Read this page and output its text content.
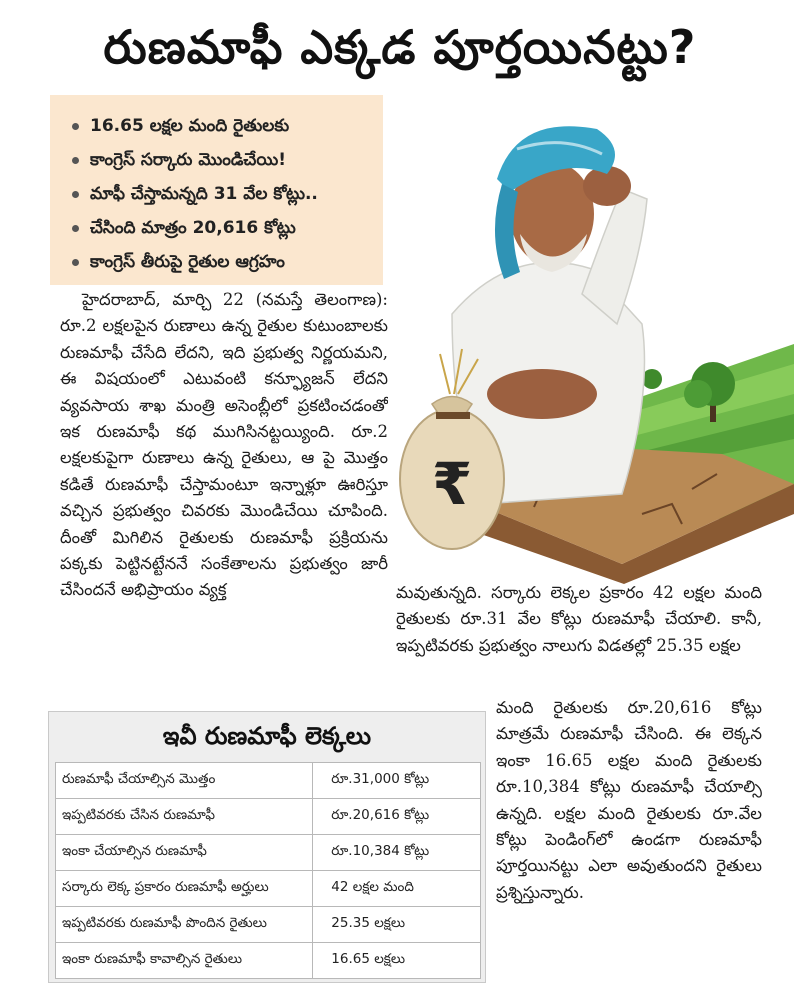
రుణమాఫీ ఎక్కడ పూర్తయినట్టు?
16.65 లక్షల మంది రైతులకు
కాంగ్రెస్ సర్కారు మొండిచేయి!
మాఫీ చేస్తామన్నది 31 వేల కోట్లు..
చేసింది మాత్రం 20,616 కోట్లు
కాంగ్రెస్ తీరుపై రైతుల ఆగ్రహం
₹

హైదరాబాద్, మార్చి 22 (నమస్తే తెలంగాణ): రూ.2 లక్షలపైన రుణాలు ఉన్న రైతుల కుటుంబాలకు రుణమాఫీ చేసేది లేదని, ఇది ప్రభుత్వ నిర్ణయమని, ఈ విషయంలో ఎటువంటి కన్ఫ్యూజన్ లేదని వ్యవసాయ శాఖ మంత్రి అసెంబ్లీలో ప్రకటించడంతో ఇక రుణమాఫీ కథ ముగిసినట్టయ్యింది. రూ.2 లక్షలకుపైగా రుణాలు ఉన్న రైతులు, ఆ పై మొత్తం కడితే రుణమాఫీ చేస్తామంటూ ఇన్నాళ్లూ ఊరిస్తూ వచ్చిన ప్రభుత్వం చివరకు మొండిచేయి చూపింది. దీంతో మిగిలిన రైతులకు రుణమాఫీ ప్రక్రియను పక్కకు పెట్టినట్టేననే సంకేతాలను ప్రభుత్వం జారీ చేసిందనే అభిప్రాయం వ్యక్త	మవుతున్నది. సర్కారు లెక్కల ప్రకారం 42 లక్షల మంది రైతులకు రూ.31 వేల కోట్లు రుణమాఫీ చేయాలి. కానీ, ఇప్పటివరకు ప్రభుత్వం నాలుగు విడతల్లో 25.35 లక్షల

మంది రైతులకు రూ.20,616 కోట్లు మాత్రమే రుణమాఫీ చేసింది. ఈ లెక్కన ఇంకా 16.65 లక్షల మంది రైతులకు రూ.10,384 కోట్లు రుణమాఫీ చేయాల్సి ఉన్నది. లక్షల మంది రైతులకు రూ.వేల కోట్లు పెండింగ్‌లో ఉండగా రుణమాఫీ పూర్తయినట్టు ఎలా అవుతుందని రైతులు ప్రశ్నిస్తున్నారు.

ఇవీ రుణమాఫీ లెక్కలు
రుణమాఫీ చేయాల్సిన మొత్తం	రూ.31,000 కోట్లు
ఇప్పటివరకు చేసిన రుణమాఫీ	రూ.20,616 కోట్లు
ఇంకా చేయాల్సిన రుణమాఫీ	రూ.10,384 కోట్లు
సర్కారు లెక్క ప్రకారం రుణమాఫీ అర్హులు	42 లక్షల మంది
ఇప్పటివరకు రుణమాఫీ పొందిన రైతులు	25.35 లక్షలు
ఇంకా రుణమాఫీ కావాల్సిన రైతులు	16.65 లక్షలు
